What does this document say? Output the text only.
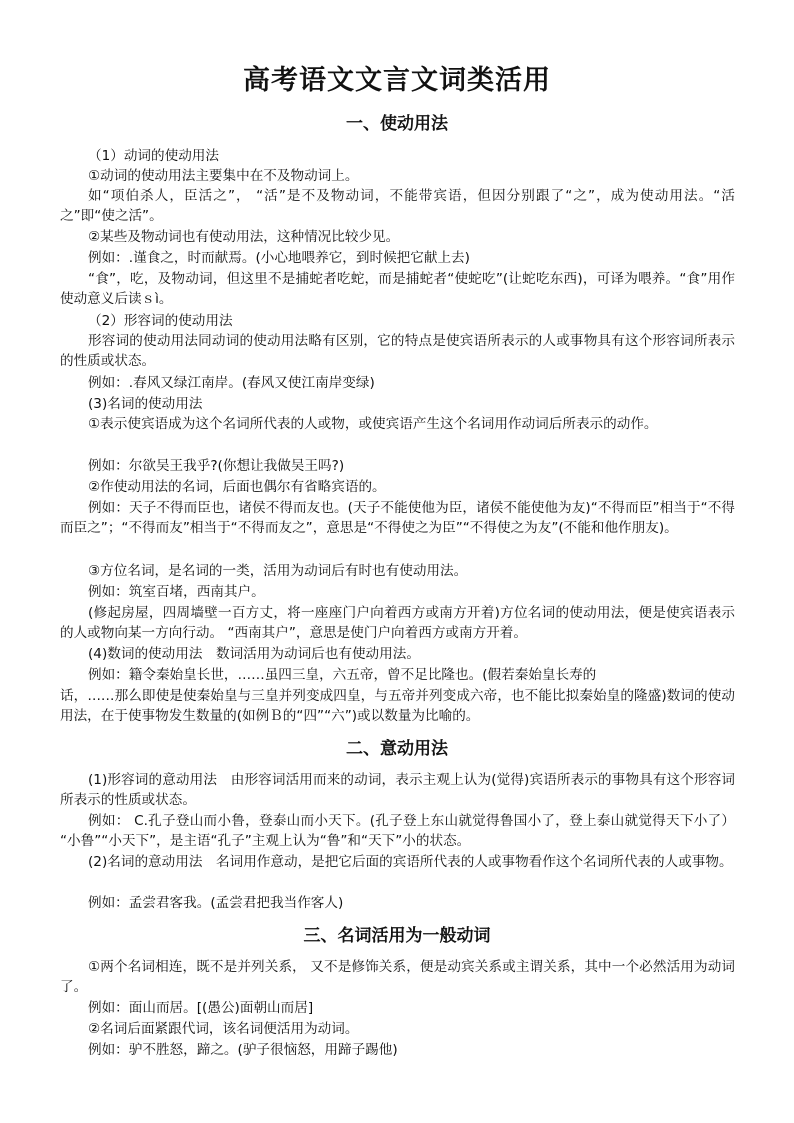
高考语文文言文词类活用
一、使动用法

（1）动词的使动用法

①动词的使动用法主要集中在不及物动词上。

如“项伯杀人，臣活之”， “活”是不及物动词，不能带宾语，但因分别跟了“之”，成为使动用法。“活之”即“使之活”。

②某些及物动词也有使动用法，这种情况比较少见。

例如：.谨食之，时而献焉。(小心地喂养它，到时候把它献上去)

“食”，吃，及物动词，但这里不是捕蛇者吃蛇，而是捕蛇者“使蛇吃”(让蛇吃东西)，可译为喂养。“食”用作使动意义后读ｓì。

（2）形容词的使动用法

形容词的使动用法同动词的使动用法略有区别，它的特点是使宾语所表示的人或事物具有这个形容词所表示的性质或状态。

例如：.春风又绿江南岸。(春风又使江南岸变绿)

(3)名词的使动用法

①表示使宾语成为这个名词所代表的人或物，或使宾语产生这个名词用作动词后所表示的动作。

例如：尔欲吴王我乎?(你想让我做吴王吗?)

②作使动用法的名词，后面也偶尔有省略宾语的。

例如：天子不得而臣也，诸侯不得而友也。(天子不能使他为臣，诸侯不能使他为友)“不得而臣”相当于“不得而臣之”；“不得而友”相当于“不得而友之”，意思是“不得使之为臣”“不得使之为友”(不能和他作朋友)。

③方位名词，是名词的一类，活用为动词后有时也有使动用法。

例如：筑室百堵，西南其户。

(修起房屋，四周墙壁一百方丈，将一座座门户向着西方或南方开着)方位名词的使动用法，便是使宾语表示的人或物向某一方向行动。 “西南其户”，意思是使门户向着西方或南方开着。

(4)数词的使动用法　数词活用为动词后也有使动用法。

例如：籍令秦始皇长世，……虽四三皇，六五帝，曾不足比隆也。(假若秦始皇长寿的

话，……那么即使是使秦始皇与三皇并列变成四皇，与五帝并列变成六帝，也不能比拟秦始皇的隆盛)数词的使动用法，在于使事物发生数量的(如例Ｂ的“四”“六”)或以数量为比喻的。

二、意动用法

(1)形容词的意动用法　由形容词活用而来的动词，表示主观上认为(觉得)宾语所表示的事物具有这个形容词所表示的性质或状态。

例如： C.孔子登山而小鲁，登泰山而小天下。(孔子登上东山就觉得鲁国小了，登上泰山就觉得天下小了） “小鲁”“小天下”，是主语“孔子”主观上认为“鲁”和“天下”小的状态。

(2)名词的意动用法　名词用作意动，是把它后面的宾语所代表的人或事物看作这个名词所代表的人或事物。

例如：孟尝君客我。(孟尝君把我当作客人)

三、名词活用为一般动词

①两个名词相连，既不是并列关系， 又不是修饰关系，便是动宾关系或主谓关系，其中一个必然活用为动词了。

例如：面山而居。[(愚公)面朝山而居]

②名词后面紧跟代词，该名词便活用为动词。

例如：驴不胜怒，蹄之。(驴子很恼怒，用蹄子踢他)
